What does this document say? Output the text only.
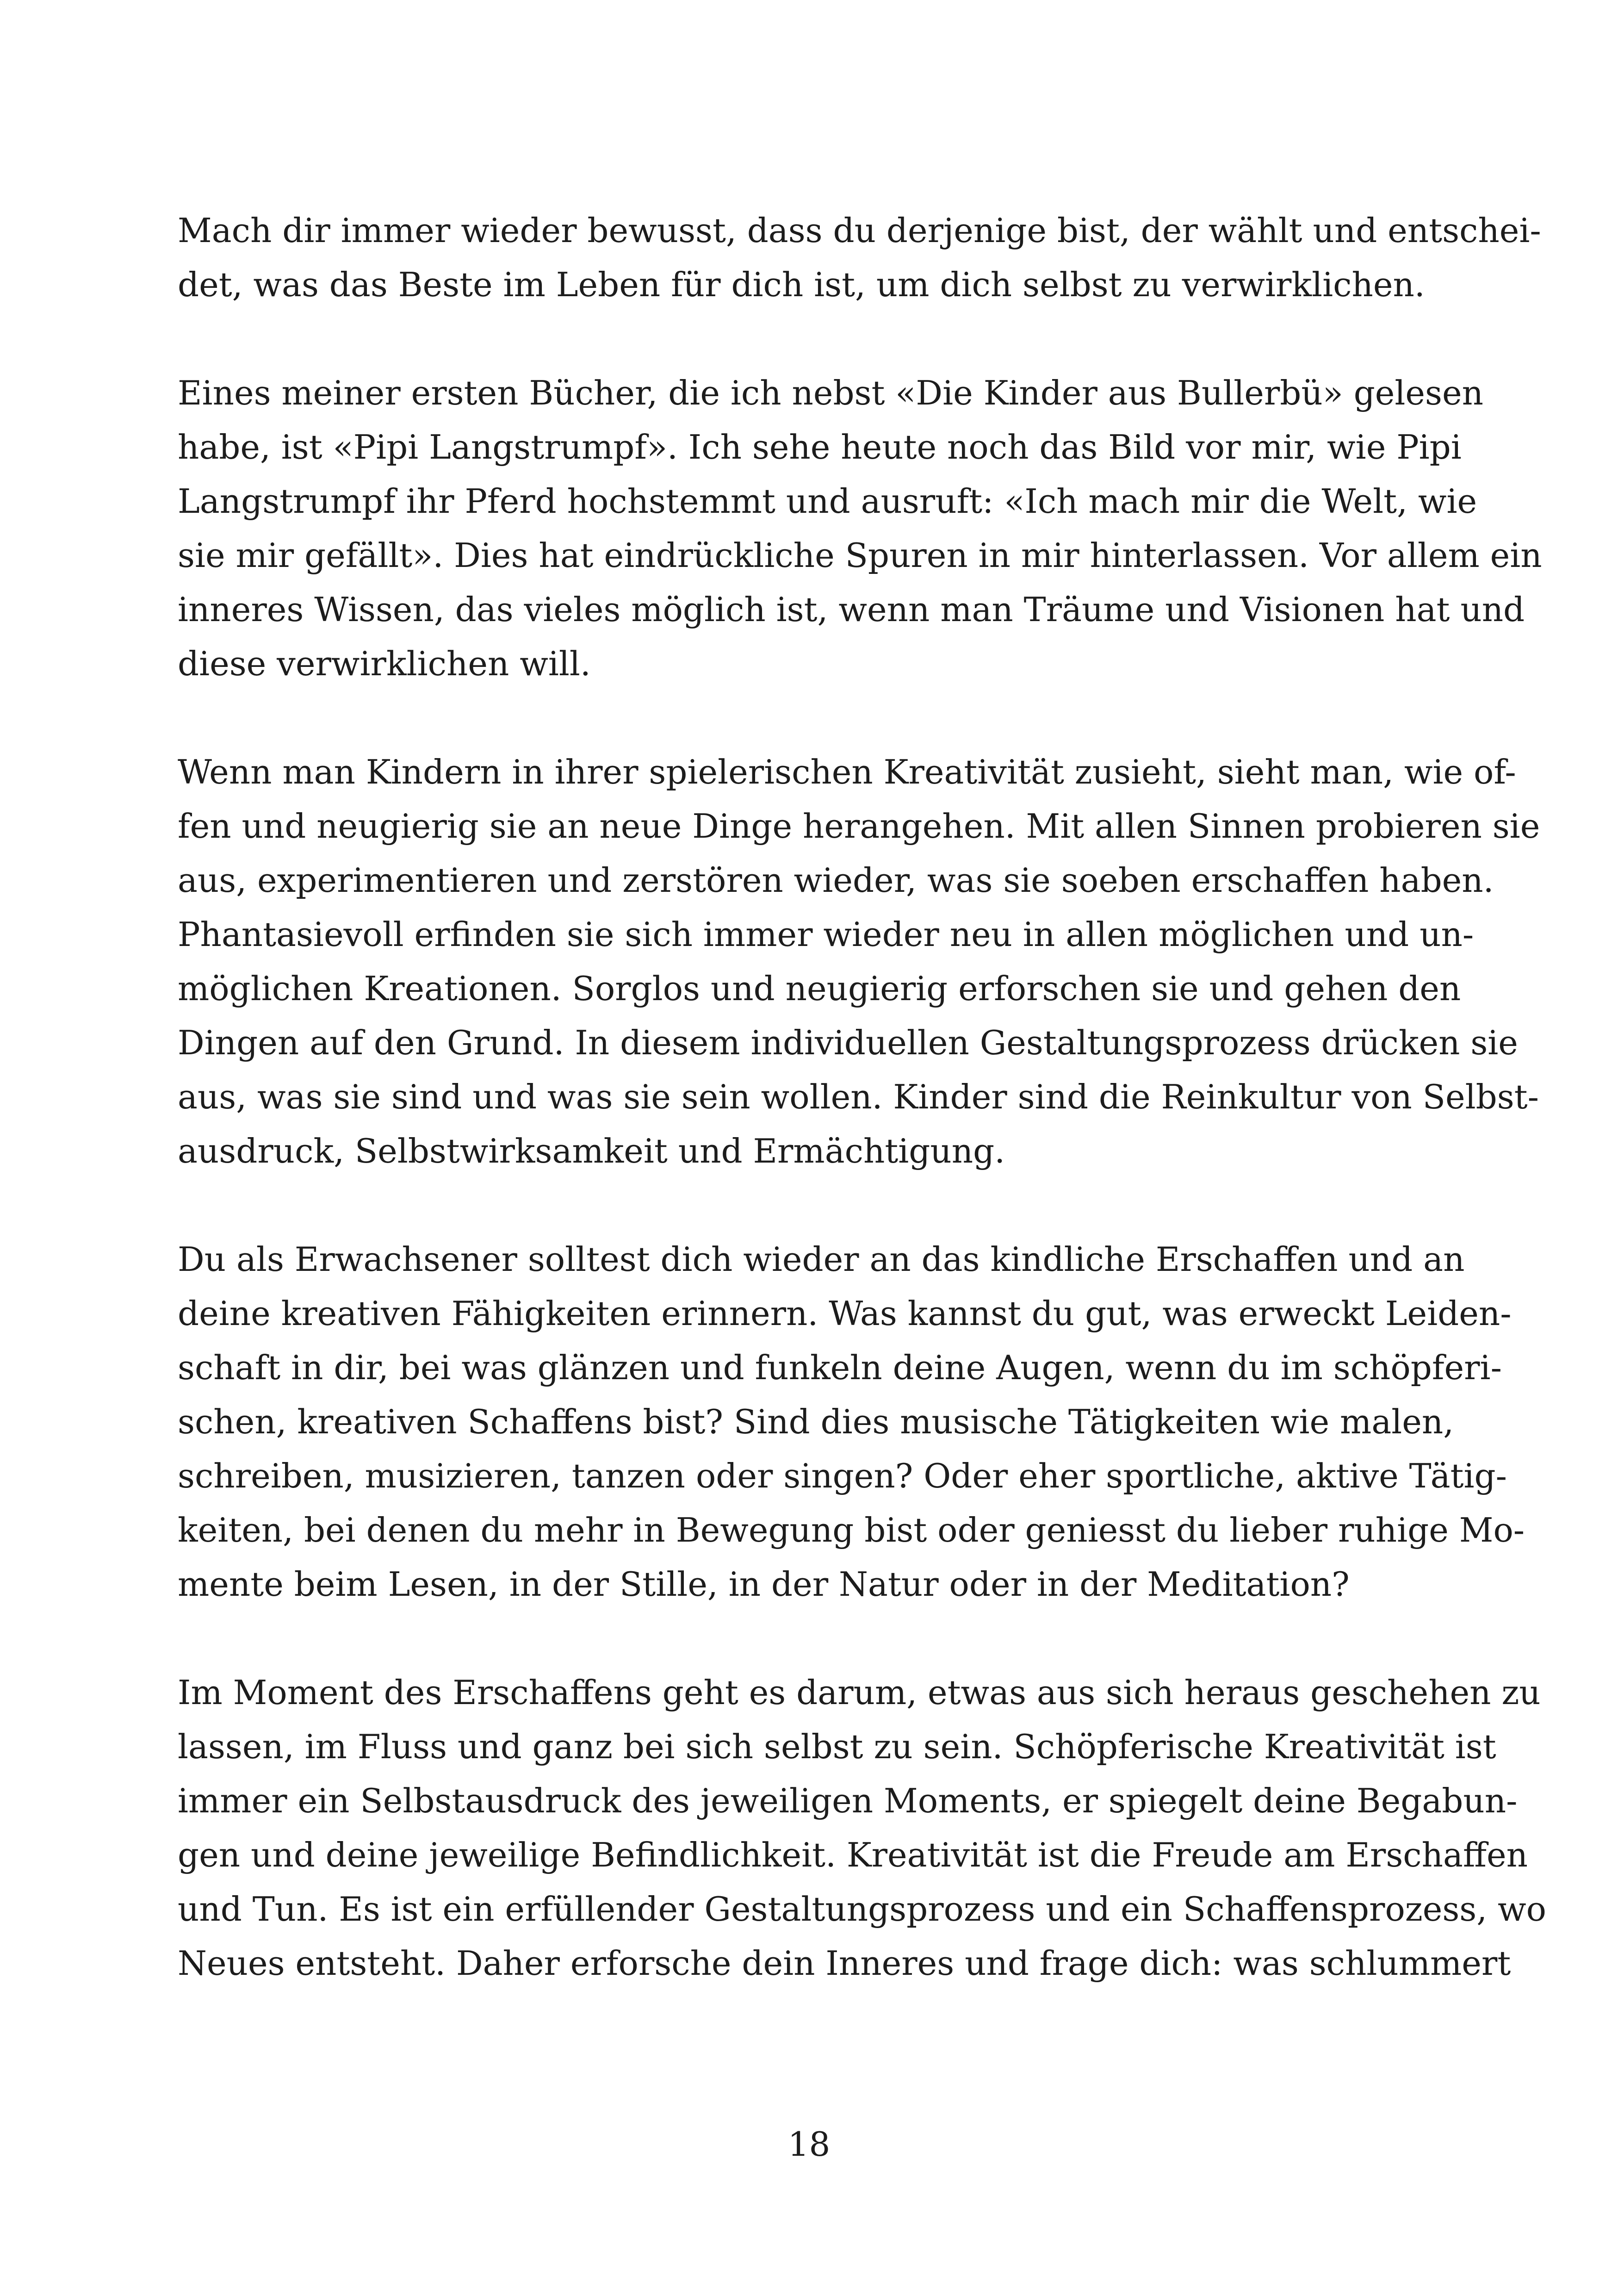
Mach dir immer wieder bewusst, dass du derjenige bist, der wählt und entschei-
det, was das Beste im Leben für dich ist, um dich selbst zu verwirklichen.

Eines meiner ersten Bücher, die ich nebst «Die Kinder aus Bullerbü» gelesen
habe, ist «Pipi Langstrumpf». Ich sehe heute noch das Bild vor mir, wie Pipi
Langstrumpf ihr Pferd hochstemmt und ausruft: «Ich mach mir die Welt, wie
sie mir gefällt». Dies hat eindrückliche Spuren in mir hinterlassen. Vor allem ein
inneres Wissen, das vieles möglich ist, wenn man Träume und Visionen hat und
diese verwirklichen will.

Wenn man Kindern in ihrer spielerischen Kreativität zusieht, sieht man, wie of-
fen und neugierig sie an neue Dinge herangehen. Mit allen Sinnen probieren sie
aus, experimentieren und zerstören wieder, was sie soeben erschaffen haben.
Phantasievoll erfinden sie sich immer wieder neu in allen möglichen und un-
möglichen Kreationen. Sorglos und neugierig erforschen sie und gehen den
Dingen auf den Grund. In diesem individuellen Gestaltungsprozess drücken sie
aus, was sie sind und was sie sein wollen. Kinder sind die Reinkultur von Selbst-
ausdruck, Selbstwirksamkeit und Ermächtigung.

Du als Erwachsener solltest dich wieder an das kindliche Erschaffen und an
deine kreativen Fähigkeiten erinnern. Was kannst du gut, was erweckt Leiden-
schaft in dir, bei was glänzen und funkeln deine Augen, wenn du im schöpferi-
schen, kreativen Schaffens bist? Sind dies musische Tätigkeiten wie malen,
schreiben, musizieren, tanzen oder singen? Oder eher sportliche, aktive Tätig-
keiten, bei denen du mehr in Bewegung bist oder geniesst du lieber ruhige Mo-
mente beim Lesen, in der Stille, in der Natur oder in der Meditation?

Im Moment des Erschaffens geht es darum, etwas aus sich heraus geschehen zu
lassen, im Fluss und ganz bei sich selbst zu sein. Schöpferische Kreativität ist
immer ein Selbstausdruck des jeweiligen Moments, er spiegelt deine Begabun-
gen und deine jeweilige Befindlichkeit. Kreativität ist die Freude am Erschaffen
und Tun. Es ist ein erfüllender Gestaltungsprozess und ein Schaffensprozess, wo
Neues entsteht. Daher erforsche dein Inneres und frage dich: was schlummert

18
